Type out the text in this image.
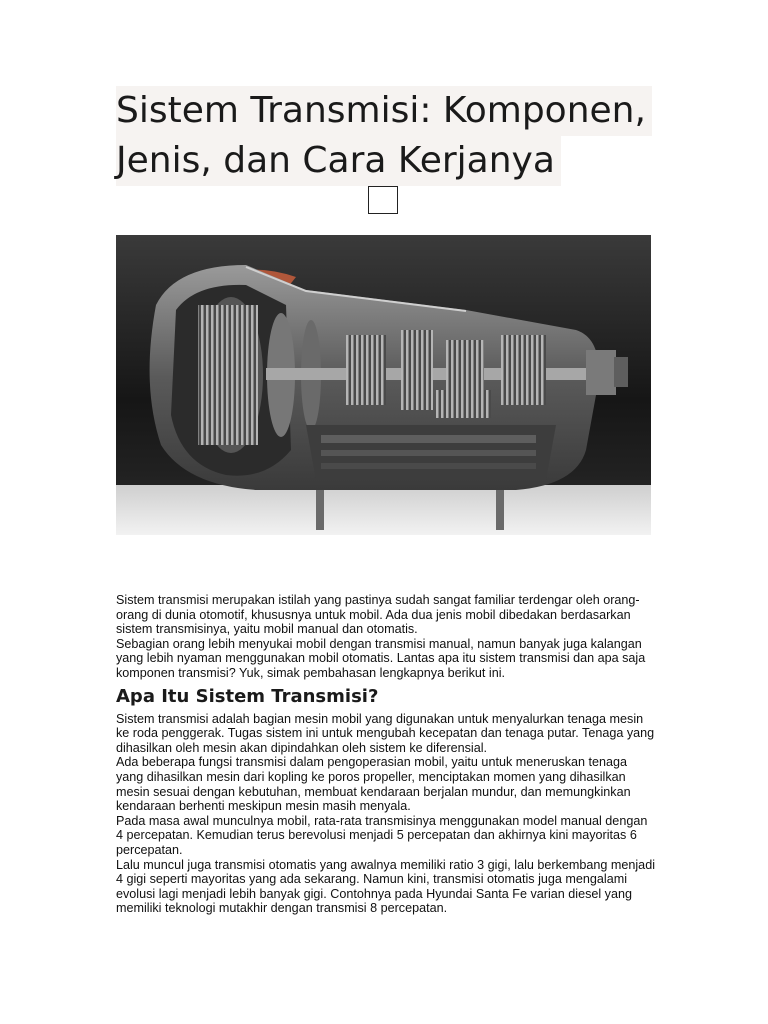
Sistem Transmisi: Komponen,
Jenis, dan Cara Kerjanya

Sistem transmisi merupakan istilah yang pastinya sudah sangat familiar terdengar oleh orang-orang di dunia otomotif, khususnya untuk mobil. Ada dua jenis mobil dibedakan berdasarkan sistem transmisinya, yaitu mobil manual dan otomatis.

Sebagian orang lebih menyukai mobil dengan transmisi manual, namun banyak juga kalangan yang lebih nyaman menggunakan mobil otomatis. Lantas apa itu sistem transmisi dan apa saja komponen transmisi? Yuk, simak pembahasan lengkapnya berikut ini.

Apa Itu Sistem Transmisi?

Sistem transmisi adalah bagian mesin mobil yang digunakan untuk menyalurkan tenaga mesin ke roda penggerak. Tugas sistem ini untuk mengubah kecepatan dan tenaga putar. Tenaga yang dihasilkan oleh mesin akan dipindahkan oleh sistem ke diferensial.

Ada beberapa fungsi transmisi dalam pengoperasian mobil, yaitu untuk meneruskan tenaga yang dihasilkan mesin dari kopling ke poros propeller, menciptakan momen yang dihasilkan mesin sesuai dengan kebutuhan, membuat kendaraan berjalan mundur, dan memungkinkan kendaraan berhenti meskipun mesin masih menyala.

Pada masa awal munculnya mobil, rata-rata transmisinya menggunakan model manual dengan 4 percepatan. Kemudian terus berevolusi menjadi 5 percepatan dan akhirnya kini mayoritas 6 percepatan.

Lalu muncul juga transmisi otomatis yang awalnya memiliki ratio 3 gigi, lalu berkembang menjadi 4 gigi seperti mayoritas yang ada sekarang. Namun kini, transmisi otomatis juga mengalami evolusi lagi menjadi lebih banyak gigi. Contohnya pada Hyundai Santa Fe varian diesel yang memiliki teknologi mutakhir dengan transmisi 8 percepatan.
